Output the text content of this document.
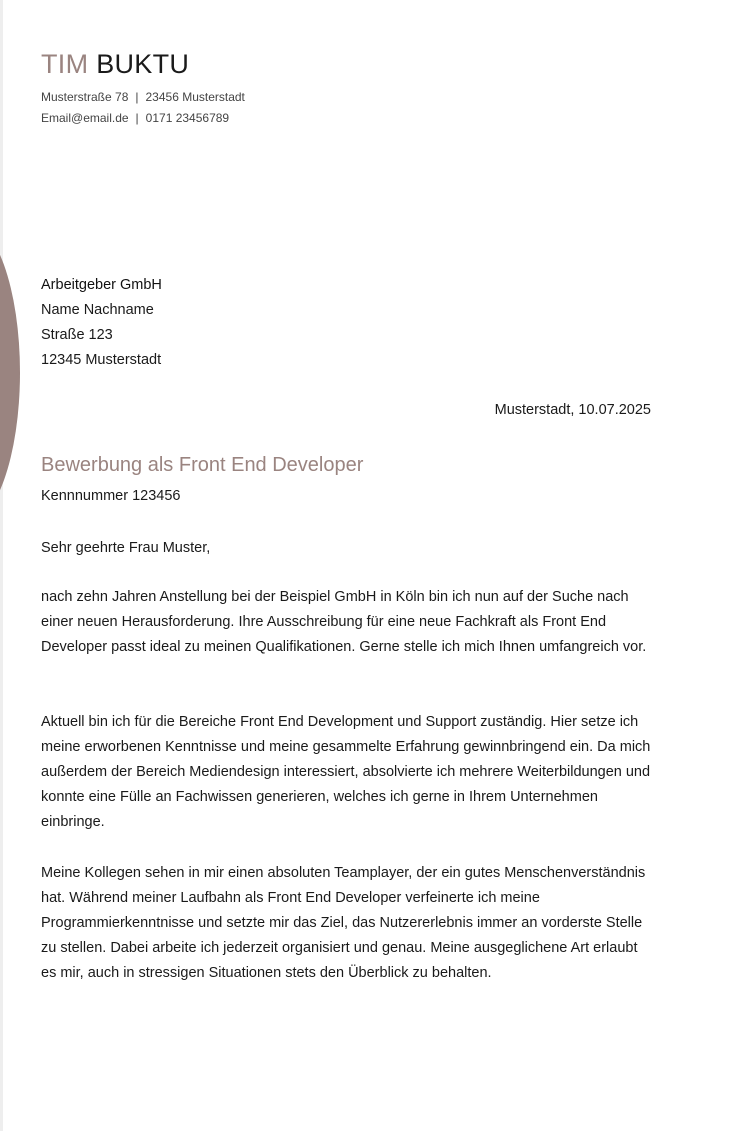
TIM BUKTU
Musterstraße 78 | 23456 Musterstadt
Email@email.de | 0171 23456789
Arbeitgeber GmbH
Name Nachname
Straße 123
12345 Musterstadt
Musterstadt, 10.07.2025
Bewerbung als Front End Developer
Kennnummer 123456
Sehr geehrte Frau Muster,

nach zehn Jahren Anstellung bei der Beispiel GmbH in Köln bin ich nun auf der Suche nach einer neuen Herausforderung. Ihre Ausschreibung für eine neue Fachkraft als Front End Developer passt ideal zu meinen Qualifikationen. Gerne stelle ich mich Ihnen umfangreich vor.

Aktuell bin ich für die Bereiche Front End Development und Support zuständig. Hier setze ich meine erworbenen Kenntnisse und meine gesammelte Erfahrung gewinnbringend ein. Da mich außerdem der Bereich Mediendesign interessiert, absolvierte ich mehrere Weiterbildungen und konnte eine Fülle an Fachwissen generieren, welches ich gerne in Ihrem Unternehmen einbringe.

Meine Kollegen sehen in mir einen absoluten Teamplayer, der ein gutes Menschenverständnis hat. Während meiner Laufbahn als Front End Developer verfeinerte ich meine Programmierkenntnisse und setzte mir das Ziel, das Nutzererlebnis immer an vorderste Stelle zu stellen. Dabei arbeite ich jederzeit organisiert und genau. Meine ausgeglichene Art erlaubt es mir, auch in stressigen Situationen stets den Überblick zu behalten.
